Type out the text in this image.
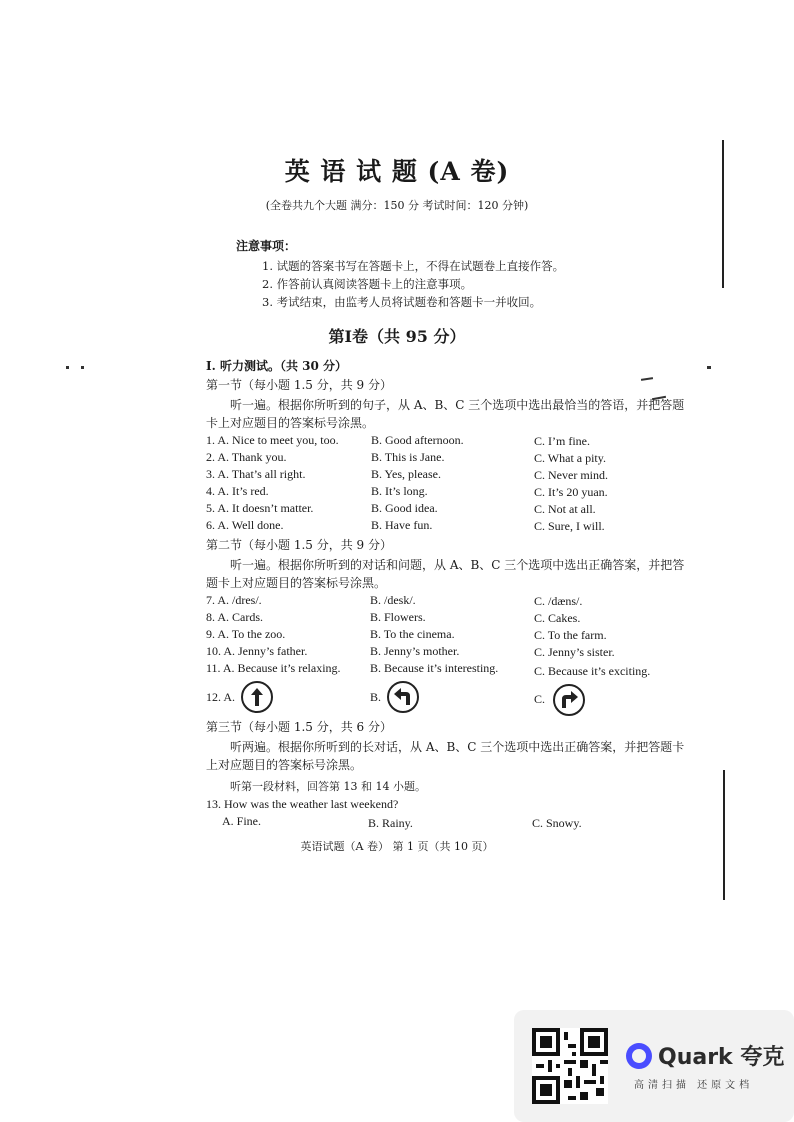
英 语 试 题 (A 卷)
(全卷共九个大题 满分：150 分 考试时间：120 分钟)
注意事项：
1. 试题的答案书写在答题卡上，不得在试题卷上直接作答。
2. 作答前认真阅读答题卡上的注意事项。
3. 考试结束，由监考人员将试题卷和答题卡一并收回。
第Ⅰ卷（共 95 分）
I. 听力测试。（共 30 分）
第一节（每小题 1.5 分，共 9 分）
听一遍。根据你所听到的句子，从 A、B、C 三个选项中选出最恰当的答语，并把答题
卡上对应题目的答案标号涂黑。
1. A. Nice to meet you, too.	B. Good afternoon.	C. I’m fine.
2. A. Thank you.	B. This is Jane.	C. What a pity.
3. A. That’s all right.	B. Yes, please.	C. Never mind.
4. A. It’s red.	B. It’s long.	C. It’s 20 yuan.
5. A. It doesn’t matter.	B. Good idea.	C. Not at all.
6. A. Well done.	B. Have fun.	C. Sure, I will.
第二节（每小题 1.5 分，共 9 分）
听一遍。根据你所听到的对话和问题，从 A、B、C 三个选项中选出正确答案，并把答
题卡上对应题目的答案标号涂黑。
7. A. /dres/.	B. /desk/.	C. /dæns/.
8. A. Cards.	B. Flowers.	C. Cakes.
9. A. To the zoo.	B. To the cinema.	C. To the farm.
10. A. Jenny’s father.	B. Jenny’s mother.	C. Jenny’s sister.
11. A. Because it’s relaxing. B. Because it’s interesting.	C. Because it’s exciting.
12. A.	B.	C.
第三节（每小题 1.5 分，共 6 分）
听两遍。根据你所听到的长对话，从 A、B、C 三个选项中选出正确答案，并把答题卡
上对应题目的答案标号涂黑。
听第一段材料，回答第 13 和 14 小题。
13. How was the weather last weekend?
A. Fine.	B. Rainy.	C. Snowy.
英语试题（A 卷） 第 1 页（共 10 页）
Quark 夸克
高清扫描 还原文档
